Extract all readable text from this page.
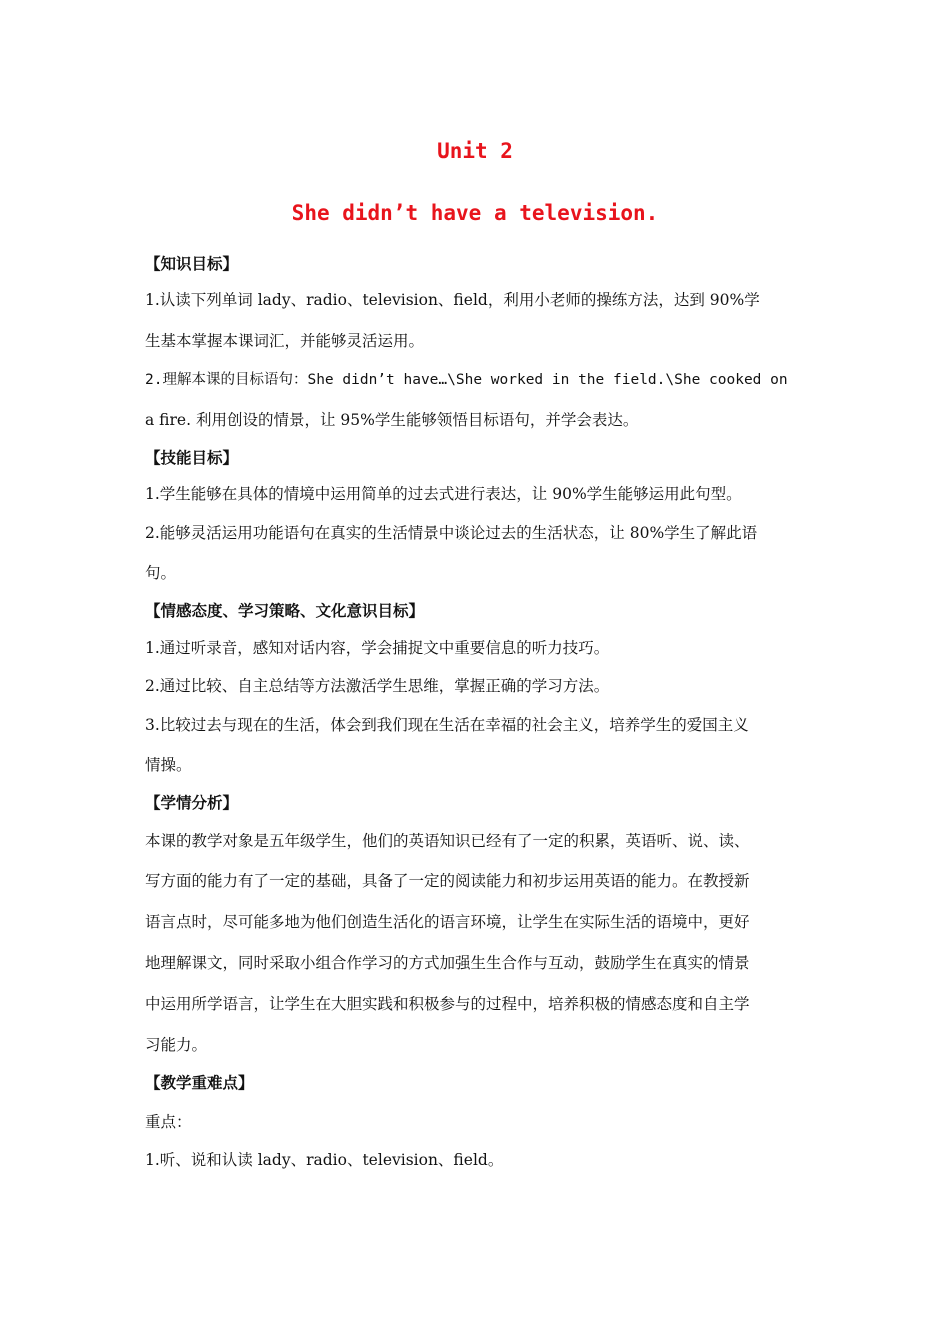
Unit 2
She didn’t have a television.
【知识目标】
1.认读下列单词 lady、radio、television、field，利用小老师的操练方法，达到 90%学
生基本掌握本课词汇，并能够灵活运用。
2.理解本课的目标语句：She didn’t have…\She worked in the field.\She cooked on
a fire. 利用创设的情景，让 95%学生能够领悟目标语句，并学会表达。
【技能目标】
1.学生能够在具体的情境中运用简单的过去式进行表达，让 90%学生能够运用此句型。
2.能够灵活运用功能语句在真实的生活情景中谈论过去的生活状态，让 80%学生了解此语
句。
【情感态度、学习策略、文化意识目标】
1.通过听录音，感知对话内容，学会捕捉文中重要信息的听力技巧。
2.通过比较、自主总结等方法激活学生思维，掌握正确的学习方法。
3.比较过去与现在的生活，体会到我们现在生活在幸福的社会主义，培养学生的爱国主义
情操。
【学情分析】
本课的教学对象是五年级学生，他们的英语知识已经有了一定的积累，英语听、说、读、
写方面的能力有了一定的基础，具备了一定的阅读能力和初步运用英语的能力。在教授新
语言点时，尽可能多地为他们创造生活化的语言环境，让学生在实际生活的语境中，更好
地理解课文，同时采取小组合作学习的方式加强生生合作与互动，鼓励学生在真实的情景
中运用所学语言，让学生在大胆实践和积极参与的过程中，培养积极的情感态度和自主学
习能力。
【教学重难点】
重点：
1.听、说和认读 lady、radio、television、field。
